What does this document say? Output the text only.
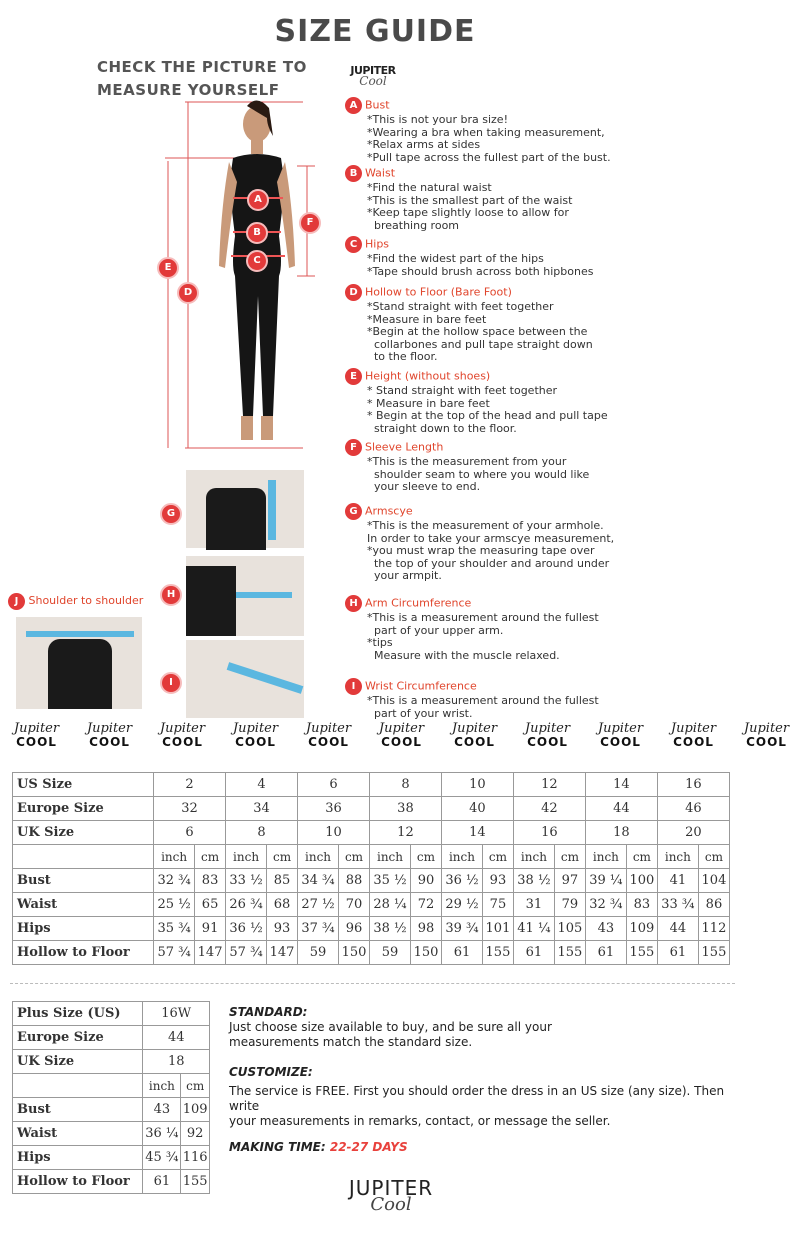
SIZE GUIDE
CHECK THE PICTURE TO
MEASURE YOURSELF
JUPITER
Cool
A
B
C
D
E
F
G
H
I
J Shoulder to shoulder
A Bust
*This is not your bra size!
*Wearing a bra when taking measurement,
*Relax arms at sides
*Pull tape across the fullest part of the bust.
B Waist
*Find the natural waist
*This is the smallest part of the waist
*Keep tape slightly loose to allow for
breathing room
C Hips
*Find the widest part of the hips
*Tape should brush across both hipbones
D Hollow to Floor (Bare Foot)
*Stand straight with feet together
*Measure in bare feet
*Begin at the hollow space between the
collarbones and pull tape straight down
to the floor.
E Height (without shoes)
* Stand straight with feet together
* Measure in bare feet
* Begin at the top of the head and pull tape
straight down to the floor.
F Sleeve Length
*This is the measurement from your
shoulder seam to where you would like
your sleeve to end.
G Armscye
*This is the measurement of your armhole.
In order to take your armscye measurement,
*you must wrap the measuring tape over
the top of your shoulder and around under
your armpit.
H Arm Circumference
*This is a measurement around the fullest
part of your upper arm.
*tips
Measure with the muscle relaxed.
I Wrist Circumference
*This is a measurement around the fullest
part of your wrist.
Jupiter
COOL
Jupiter
COOL
Jupiter
COOL
Jupiter
COOL
Jupiter
COOL
Jupiter
COOL
Jupiter
COOL
Jupiter
COOL
Jupiter
COOL
Jupiter
COOL
Jupiter
COOL
US Size	2		4		6		8		10		12		14		16	
Europe Size	32		34		36		38		40		42		44		46	
UK Size	6		8		10		12		14		16		18		20	
	inch	cm	inch	cm	inch	cm	inch	cm	inch	cm	inch	cm	inch	cm	inch	cm
Bust	32 ¾	83	33 ½	85	34 ¾	88	35 ½	90	36 ½	93	38 ½	97	39 ¼	100	41	104
Waist	25 ½	65	26 ¾	68	27 ½	70	28 ¼	72	29 ½	75	31	79	32 ¾	83	33 ¾	86
Hips	35 ¾	91	36 ½	93	37 ¾	96	38 ½	98	39 ¾	101	41 ¼	105	43	109	44	112
Hollow to Floor	57 ¾	147	57 ¾	147	59	150	59	150	61	155	61	155	61	155	61	155
Plus Size (US)	16W	
Europe Size	44	
UK Size	18	
	inch	cm
Bust	43	109
Waist	36 ¼	92
Hips	45 ¾	116
Hollow to Floor	61	155
STANDARD:
Just choose size available to buy, and be sure all your
measurements match the standard size.
CUSTOMIZE:
The service is FREE. First you should order the dress in an US size (any size). Then write
your measurements in remarks, contact, or message the seller.
MAKING TIME: 22-27 DAYS
JUPITER
Cool
